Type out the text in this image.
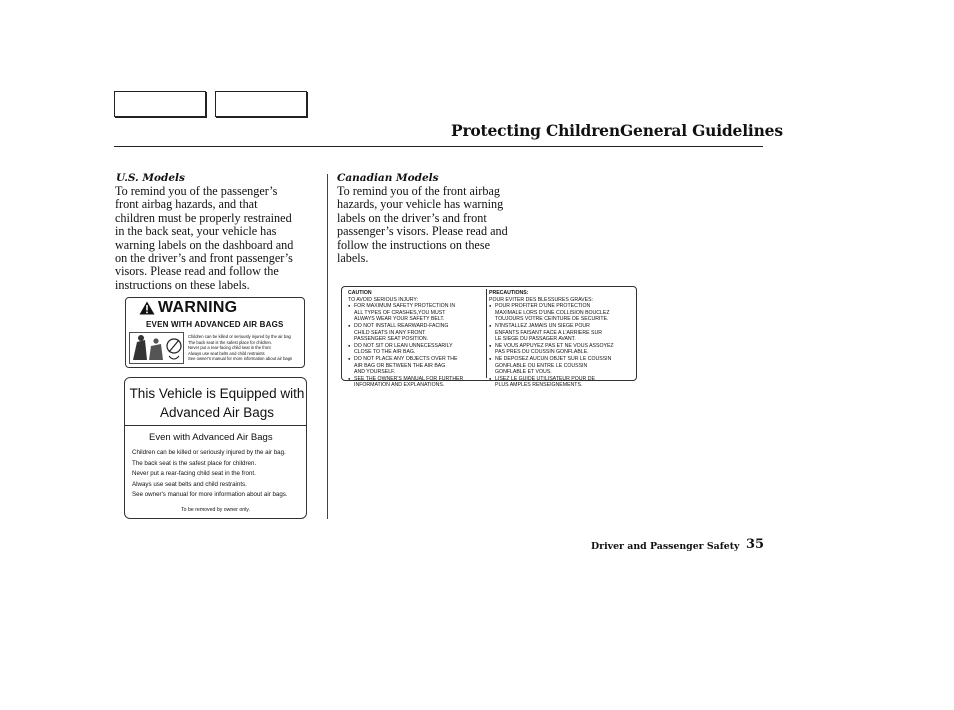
Protecting Children General Guidelines
U.S. Models
To remind you of the passenger’s
front airbag hazards, and that
children must be properly restrained
in the back seat, your vehicle has
warning labels on the dashboard and
on the driver’s and front passenger’s
visors. Please read and follow the
instructions on these labels.
Canadian Models
To remind you of the front airbag
hazards, your vehicle has warning
labels on the driver’s and front
passenger’s visors. Please read and
follow the instructions on these
labels.
WARNING
EVEN WITH ADVANCED AIR BAGS
Children can be killed or seriously injured by the air bag
The back seat is the safest place for children.
Never put a rear-facing child seat in the front
Always use seat belts and child restraints
See owner's manual for more information about air bags
This Vehicle is Equipped with
Advanced Air Bags
Even with Advanced Air Bags
Children can be killed or seriously injured by the air bag.
The back seat is the safest place for children.
Never put a rear-facing child seat in the front.
Always use seat belts and child restraints.
See owner's manual for more information about air bags.
To be removed by owner only.
CAUTION
TO AVOID SERIOUS INJURY:
● FOR MAXIMUM SAFETY PROTECTION IN
ALL TYPES OF CRASHES,YOU MUST
ALWAYS WEAR YOUR SAFETY BELT.
● DO NOT INSTALL REARWARD-FACING
CHILD SEATS IN ANY FRONT
PASSENGER SEAT POSITION.
● DO NOT SIT OR LEAN UNNECESSARILY
CLOSE TO THE AIR BAG.
● DO NOT PLACE ANY OBJECTS OVER THE
AIR BAG OR BETWEEN THE AIR BAG
AND YOURSELF.
● SEE THE OWNER'S MANUAL FOR FURTHER
INFORMATION AND EXPLANATIONS.
PRECAUTIONS:
POUR EVITER DES BLESSURES GRAVES:
● POUR PROFITER D'UNE PROTECTION
MAXIMALE LORS D'UNE COLLISION BOUCLEZ
TOUJOURS VOTRE CEINTURE DE SECURITE.
● N'INSTALLEZ JAMAIS UN SIEGE POUR
ENFANTS FAISANT FACE A L'ARRIERE SUR
LE SIEGE DU PASSAGER AVANT.
● NE VOUS APPUYEZ PAS ET NE VOUS ASSOYEZ
PAS PRES DU COUSSIN GONFLABLE.
● NE DEPOSEZ AUCUN OBJET SUR LE COUSSIN
GONFLABLE OU ENTRE LE COUSSIN
GONFLABLE ET VOUS.
● LISEZ LE GUIDE UTILISATEUR POUR DE
PLUS AMPLES RENSEIGNEMENTS.
Driver and Passenger Safety 35
